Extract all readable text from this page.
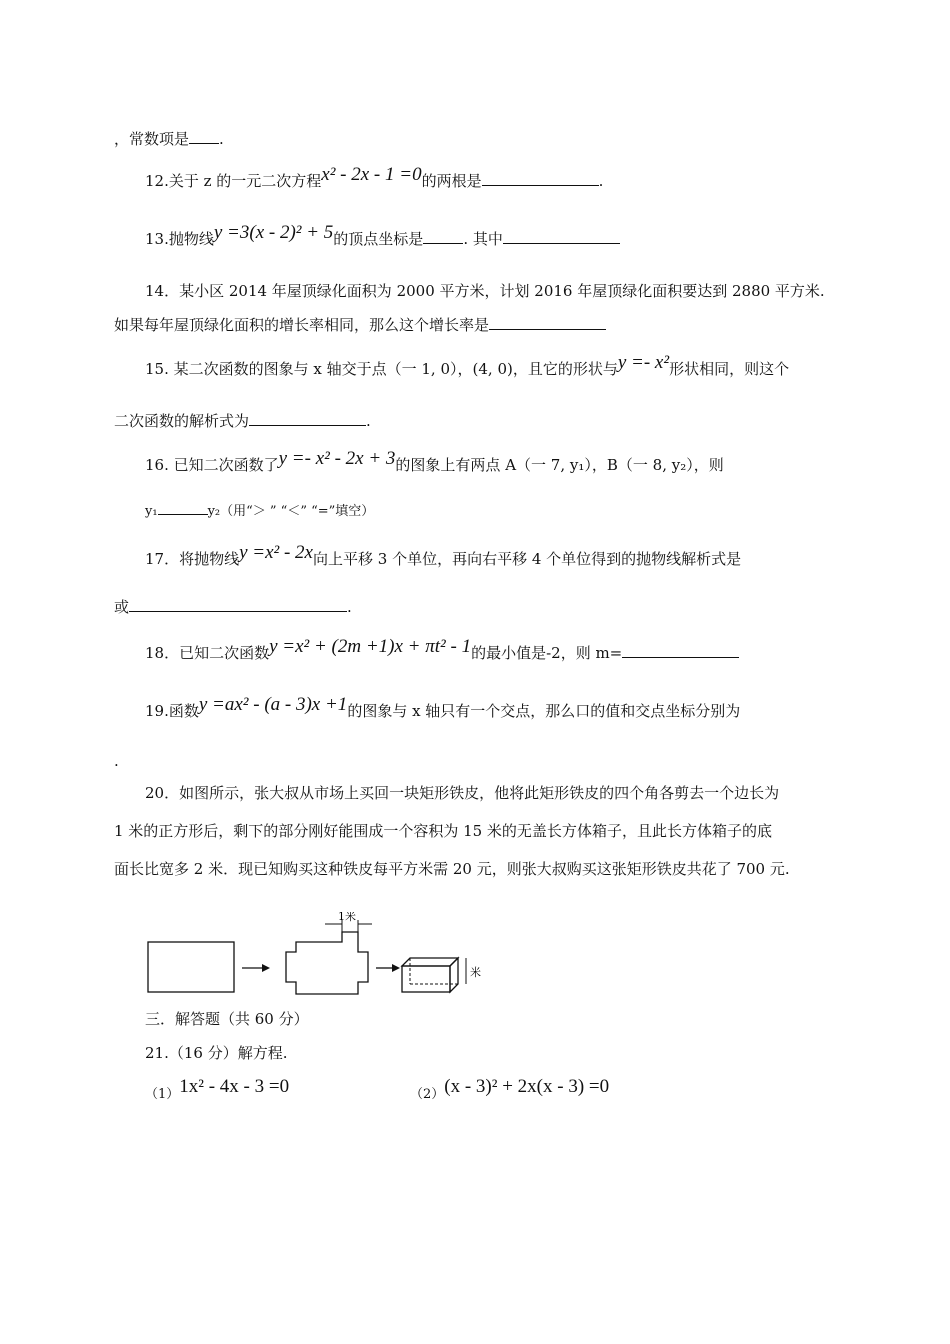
，常数项是 .
12.关于 z 的一元二次方程x² - 2x - 1 =0的两根是	.
13.抛物线y =3(x - 2)² + 5的顶点坐标是	. 其中
14．某小区 2014 年屋顶绿化面积为 2000 平方米，计划 2016 年屋顶绿化面积要达到 2880 平方米.
如果每年屋顶绿化面积的增长率相同，那么这个增长率是
15. 某二次函数的图象与 x 轴交于点（一 1, 0），(4, 0)，且它的形状与y =- x²形状相同，则这个
二次函数的解析式为	.
16. 已知二次函数了y =- x² - 2x + 3的图象上有两点 A（一 7, y₁），B（一 8, y₂），则
y₁	y₂（用“＞ ” “＜” “=”填空）
17．将抛物线y =x² - 2x向上平移 3 个单位，再向右平移 4 个单位得到的抛物线解析式是
或	.
18．已知二次函数y =x² + (2m +1)x + πt² - 1的最小值是-2，则 m=
19.函数y =ax² - (a - 3)x +1的图象与 x 轴只有一个交点，那么口的值和交点坐标分别为
.
20．如图所示，张大叔从市场上买回一块矩形铁皮，他将此矩形铁皮的四个角各剪去一个边长为
1 米的正方形后，剩下的部分刚好能围成一个容积为 15 米的无盖长方体箱子，且此长方体箱子的底
面长比宽多 2 米．现已知购买这种铁皮每平方米需 20 元，则张大叔购买这张矩形铁皮共花了 700 元.
1米
米
三．解答题（共 60 分）
21.（16 分）解方程.
（1）1x² - 4x - 3 =0	（2）(x - 3)² + 2x(x - 3) =0
